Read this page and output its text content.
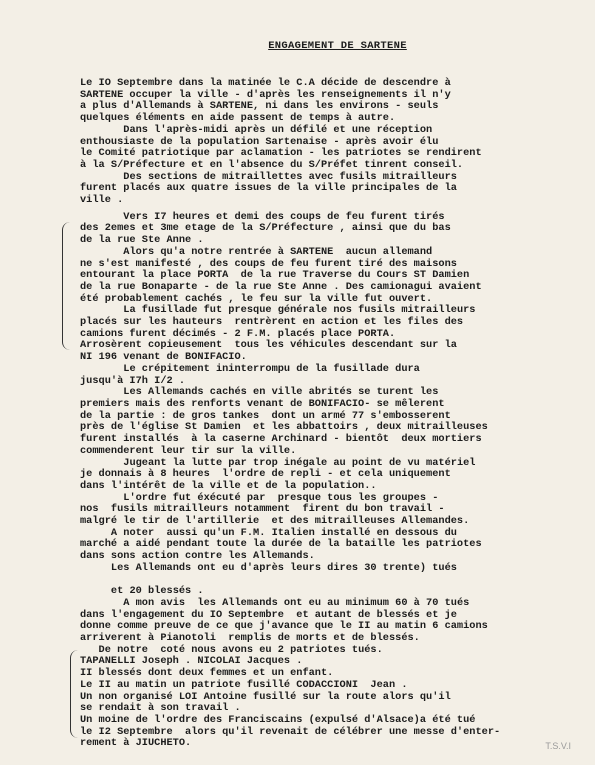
ENGAGEMENT DE SARTENE

Le IO Septembre dans la matinée le C.A décide de descendre à
SARTENE occuper la ville - d'après les renseignements il n'y
a plus d'Allemands à SARTENE, ni dans les environs - seuls
quelques éléments en aide passent de temps à autre.

Dans l'après-midi après un défilé et une réception
enthousiaste de la population Sartenaise - après avoir élu
le Comité patriotique par aclamation - les patriotes se rendirent
à la S/Préfecture et en l'absence du S/Préfet tinrent conseil.

Des sections de mitraillettes avec fusils mitrailleurs
furent placés aux quatre issues de la ville principales de la
ville .

Vers I7 heures et demi des coups de feu furent tirés
des 2emes et 3me etage de la S/Préfecture , ainsi que du bas
de la rue Ste Anne .

Alors qu'a notre rentrée à SARTENE  aucun allemand
ne s'est manifesté , des coups de feu furent tiré des maisons
entourant la place PORTA  de la rue Traverse du Cours ST Damien
de la rue Bonaparte - de la rue Ste Anne . Des camionagui avaient
été probablement cachés , le feu sur la ville fut ouvert.

La fusillade fut presque générale nos fusils mitrailleurs
placés sur les hauteurs  rentrèrent en action et les files des
camions furent décimés - 2 F.M. placés place PORTA.
Arrosèrent copieusement  tous les véhicules descendant sur la
NI 196 venant de BONIFACIO.

Le crépitement ininterrompu de la fusillade dura
jusqu'à I7h I/2 .

Les Allemands cachés en ville abrités se turent les
premiers mais des renforts venant de BONIFACIO- se mêlerent
de la partie : de gros tankes  dont un armé 77 s'embosserent
près de l'église St Damien  et les abbattoirs , deux mitrailleuses
furent installés  à la caserne Archinard - bientôt  deux mortiers
commenderent leur tir sur la ville.

Jugeant la lutte par trop inégale au point de vu matériel
je donnais à 8 heures  l'ordre de repli - et cela uniquement
dans l'intérêt de la ville et de la population..

L'ordre fut éxécuté par  presque tous les groupes -
nos  fusils mitrailleurs notamment  firent du bon travail -
malgré le tir de l'artillerie  et des mitrailleuses Allemandes.

A noter  aussi qu'un F.M. Italien installé en dessous du
marché a aidé pendant toute la durée de la bataille les patriotes
dans sons action contre les Allemands.

Les Allemands ont eu d'après leurs dires 30 trente) tués

et 20 blessés .

A mon avis  les Allemands ont eu au minimum 60 à 70 tués
dans l'engagement du IO Septembre  et autant de blessés et je
donne comme preuve de ce que j'avance que le II au matin 6 camions
arriverent à Pianotoli  remplis de morts et de blessés.

De notre  coté nous avons eu 2 patriotes tués.
TAPANELLI Joseph . NICOLAI Jacques .
II blessés dont deux femmes et un enfant.
Le II au matin un patriote fusillé CODACCIONI  Jean .
Un non organisé LOI Antoine fusillé sur la route alors qu'il
se rendait à son travail .
Un moine de l'ordre des Franciscains (expulsé d'Alsace)a été tué
le I2 Septembre  alors qu'il revenait de célébrer une messe d'enter-
rement à JIUCHETO.	T.S.V.I
